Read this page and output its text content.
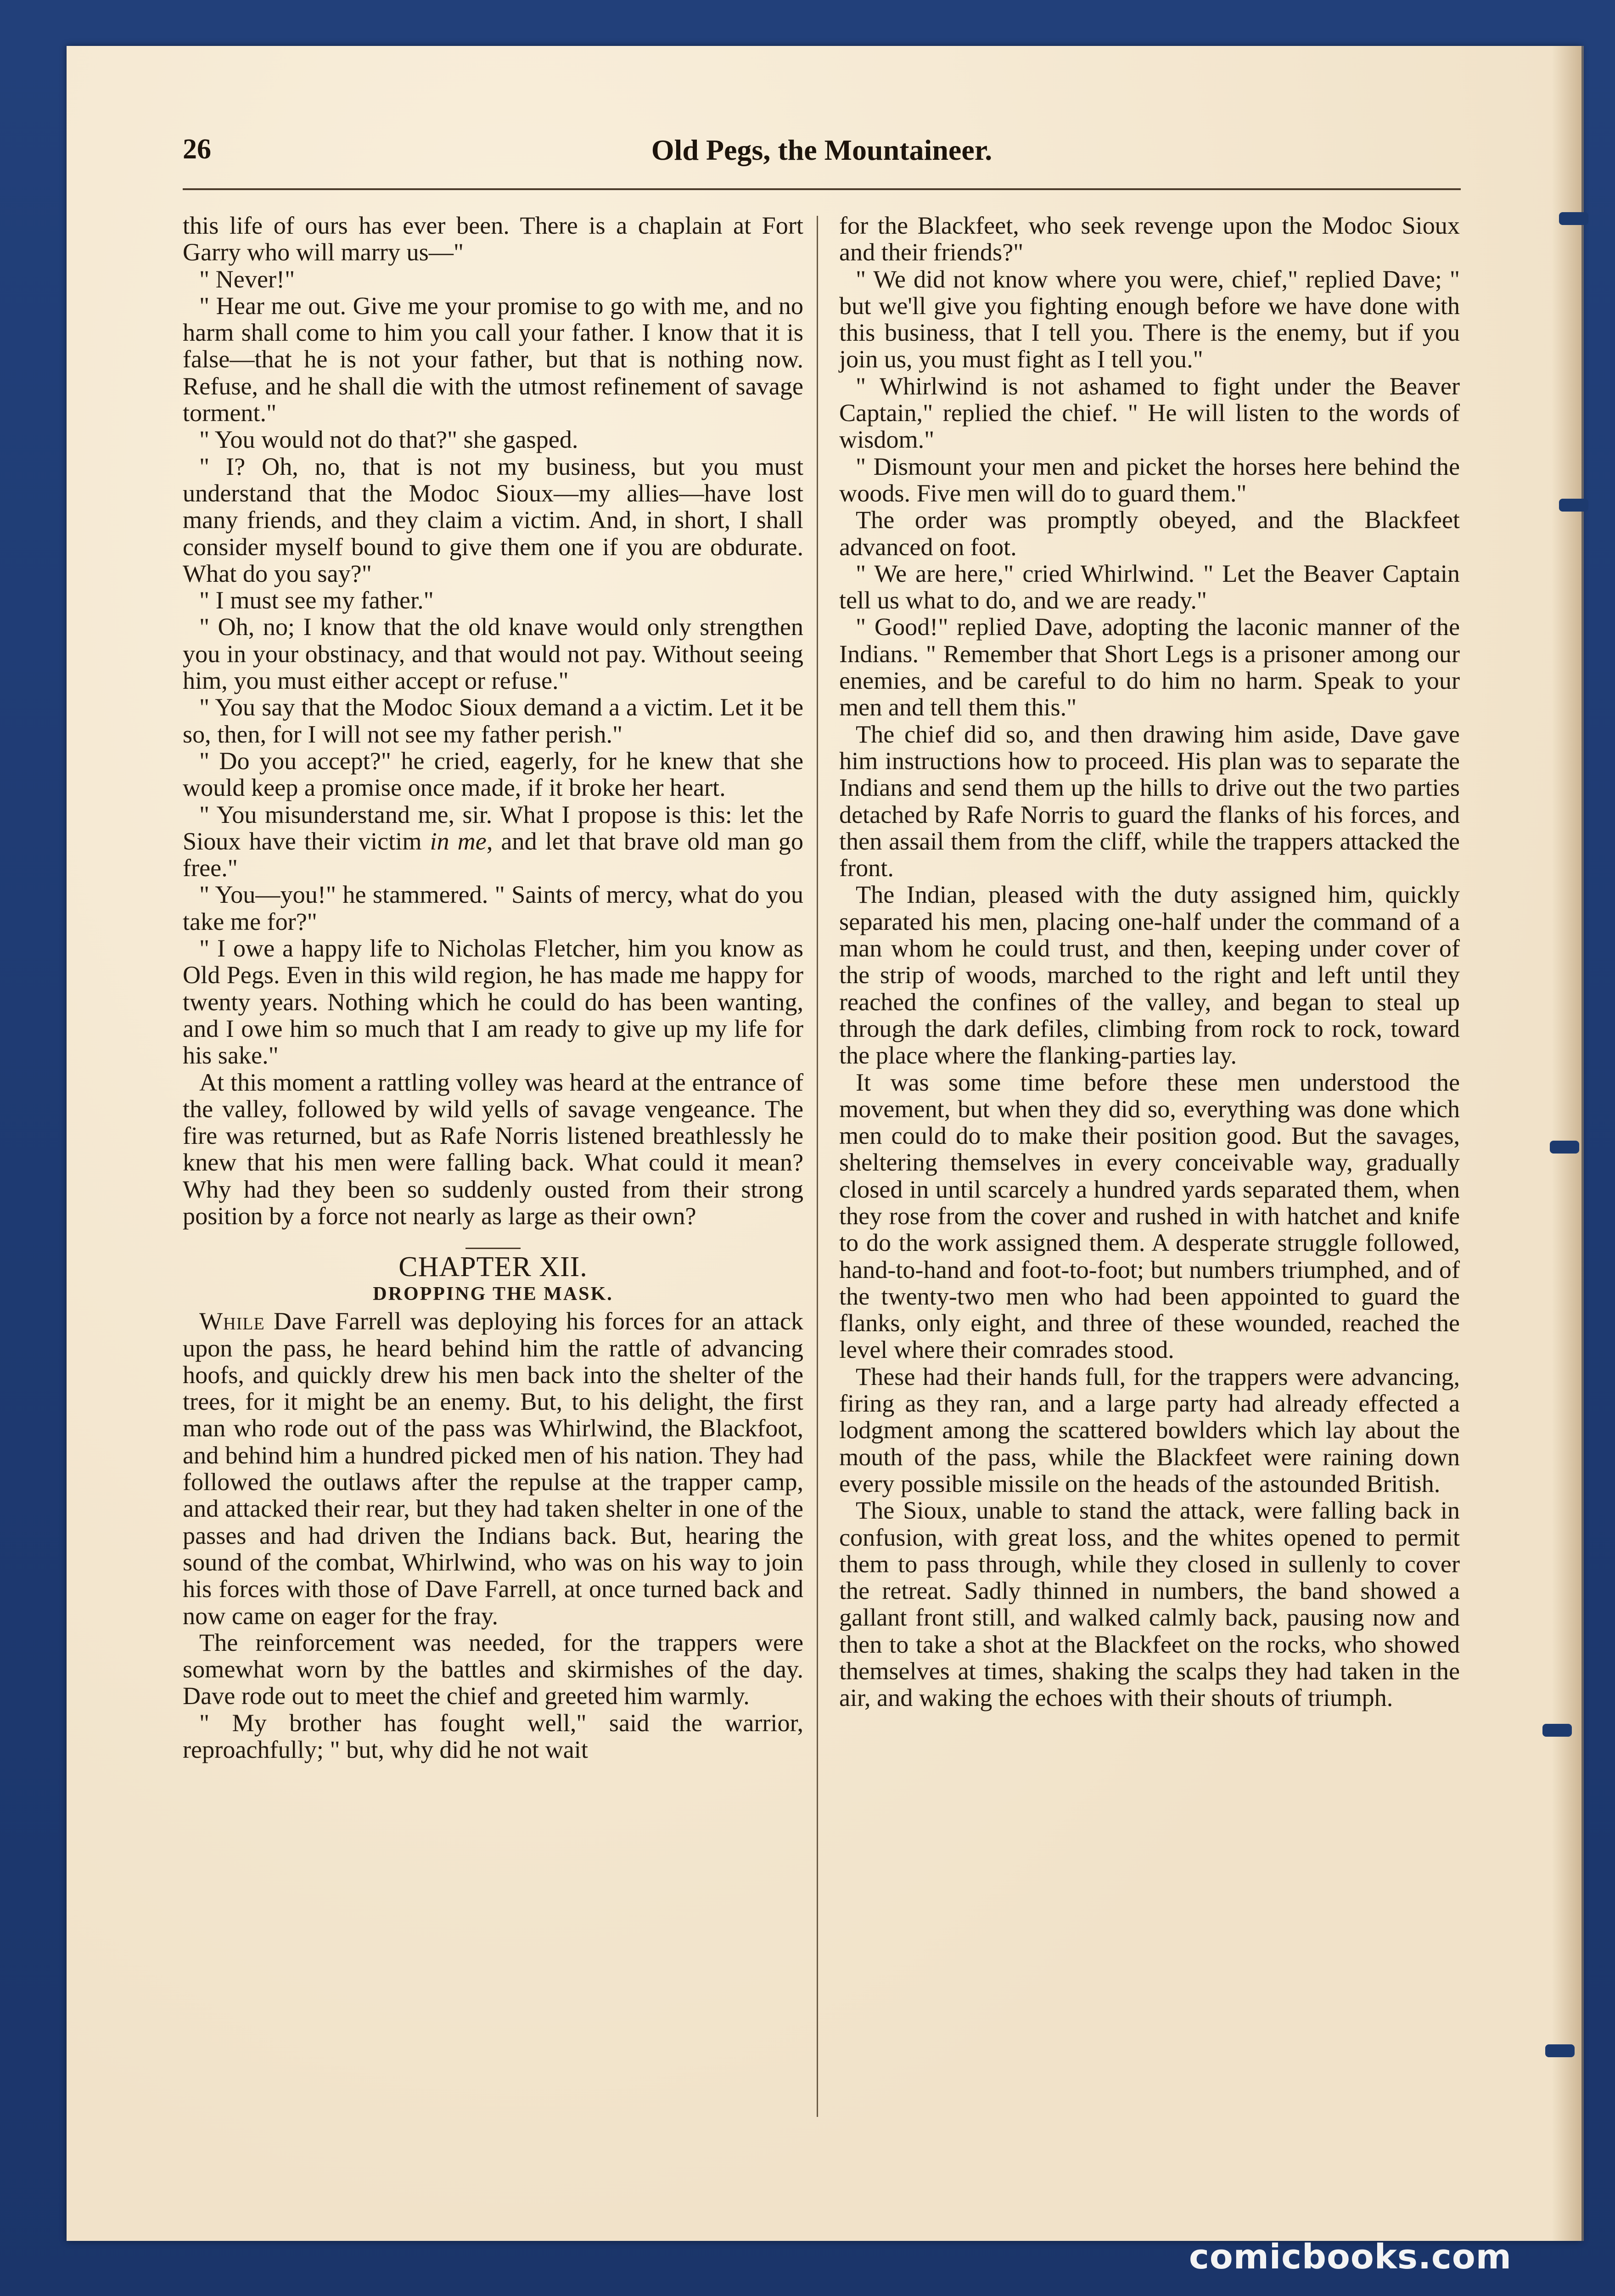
26	Old Pegs, the Mountaineer.

this life of ours has ever been. There is a chaplain at Fort Garry who will marry us—"

" Never!"

" Hear me out. Give me your promise to go with me, and no harm shall come to him you call your father. I know that it is false—that he is not your father, but that is nothing now. Refuse, and he shall die with the utmost refinement of savage torment."

" You would not do that?" she gasped.

" I? Oh, no, that is not my business, but you must understand that the Modoc Sioux—my allies—have lost many friends, and they claim a victim. And, in short, I shall consider myself bound to give them one if you are obdurate. What do you say?"

" I must see my father."

" Oh, no; I know that the old knave would only strengthen you in your obstinacy, and that would not pay. Without seeing him, you must either accept or refuse."

" You say that the Modoc Sioux demand a a victim. Let it be so, then, for I will not see my father perish."

" Do you accept?" he cried, eagerly, for he knew that she would keep a promise once made, if it broke her heart.

" You misunderstand me, sir. What I propose is this: let the Sioux have their victim in me, and let that brave old man go free."

" You—you!" he stammered. " Saints of mercy, what do you take me for?"

" I owe a happy life to Nicholas Fletcher, him you know as Old Pegs. Even in this wild region, he has made me happy for twenty years. Nothing which he could do has been wanting, and I owe him so much that I am ready to give up my life for his sake."

At this moment a rattling volley was heard at the entrance of the valley, followed by wild yells of savage vengeance. The fire was returned, but as Rafe Norris listened breathlessly he knew that his men were falling back. What could it mean? Why had they been so suddenly ousted from their strong position by a force not nearly as large as their own?

CHAPTER XII.
DROPPING THE MASK.

While Dave Farrell was deploying his forces for an attack upon the pass, he heard behind him the rattle of advancing hoofs, and quickly drew his men back into the shelter of the trees, for it might be an enemy. But, to his delight, the first man who rode out of the pass was Whirlwind, the Blackfoot, and behind him a hundred picked men of his nation. They had followed the outlaws after the repulse at the trapper camp, and attacked their rear, but they had taken shelter in one of the passes and had driven the Indians back. But, hearing the sound of the combat, Whirlwind, who was on his way to join his forces with those of Dave Farrell, at once turned back and now came on eager for the fray.

The reinforcement was needed, for the trappers were somewhat worn by the battles and skirmishes of the day. Dave rode out to meet the chief and greeted him warmly.

" My brother has fought well," said the warrior, reproachfully; " but, why did he not wait

for the Blackfeet, who seek revenge upon the Modoc Sioux and their friends?"

" We did not know where you were, chief," replied Dave; " but we'll give you fighting enough before we have done with this business, that I tell you. There is the enemy, but if you join us, you must fight as I tell you."

" Whirlwind is not ashamed to fight under the Beaver Captain," replied the chief. " He will listen to the words of wisdom."

" Dismount your men and picket the horses here behind the woods. Five men will do to guard them."

The order was promptly obeyed, and the Blackfeet advanced on foot.

" We are here," cried Whirlwind. " Let the Beaver Captain tell us what to do, and we are ready."

" Good!" replied Dave, adopting the laconic manner of the Indians. " Remember that Short Legs is a prisoner among our enemies, and be careful to do him no harm. Speak to your men and tell them this."

The chief did so, and then drawing him aside, Dave gave him instructions how to proceed. His plan was to separate the Indians and send them up the hills to drive out the two parties detached by Rafe Norris to guard the flanks of his forces, and then assail them from the cliff, while the trappers attacked the front.

The Indian, pleased with the duty assigned him, quickly separated his men, placing one-half under the command of a man whom he could trust, and then, keeping under cover of the strip of woods, marched to the right and left until they reached the confines of the valley, and began to steal up through the dark defiles, climbing from rock to rock, toward the place where the flanking-parties lay.

It was some time before these men understood the movement, but when they did so, everything was done which men could do to make their position good. But the savages, sheltering themselves in every conceivable way, gradually closed in until scarcely a hundred yards separated them, when they rose from the cover and rushed in with hatchet and knife to do the work assigned them. A desperate struggle followed, hand-to-hand and foot-to-foot; but numbers triumphed, and of the twenty-two men who had been appointed to guard the flanks, only eight, and three of these wounded, reached the level where their comrades stood.

These had their hands full, for the trappers were advancing, firing as they ran, and a large party had already effected a lodgment among the scattered bowlders which lay about the mouth of the pass, while the Blackfeet were raining down every possible missile on the heads of the astounded British.

The Sioux, unable to stand the attack, were falling back in confusion, with great loss, and the whites opened to permit them to pass through, while they closed in sullenly to cover the retreat. Sadly thinned in numbers, the band showed a gallant front still, and walked calmly back, pausing now and then to take a shot at the Blackfeet on the rocks, who showed themselves at times, shaking the scalps they had taken in the air, and waking the echoes with their shouts of triumph.

comicbooks.com
